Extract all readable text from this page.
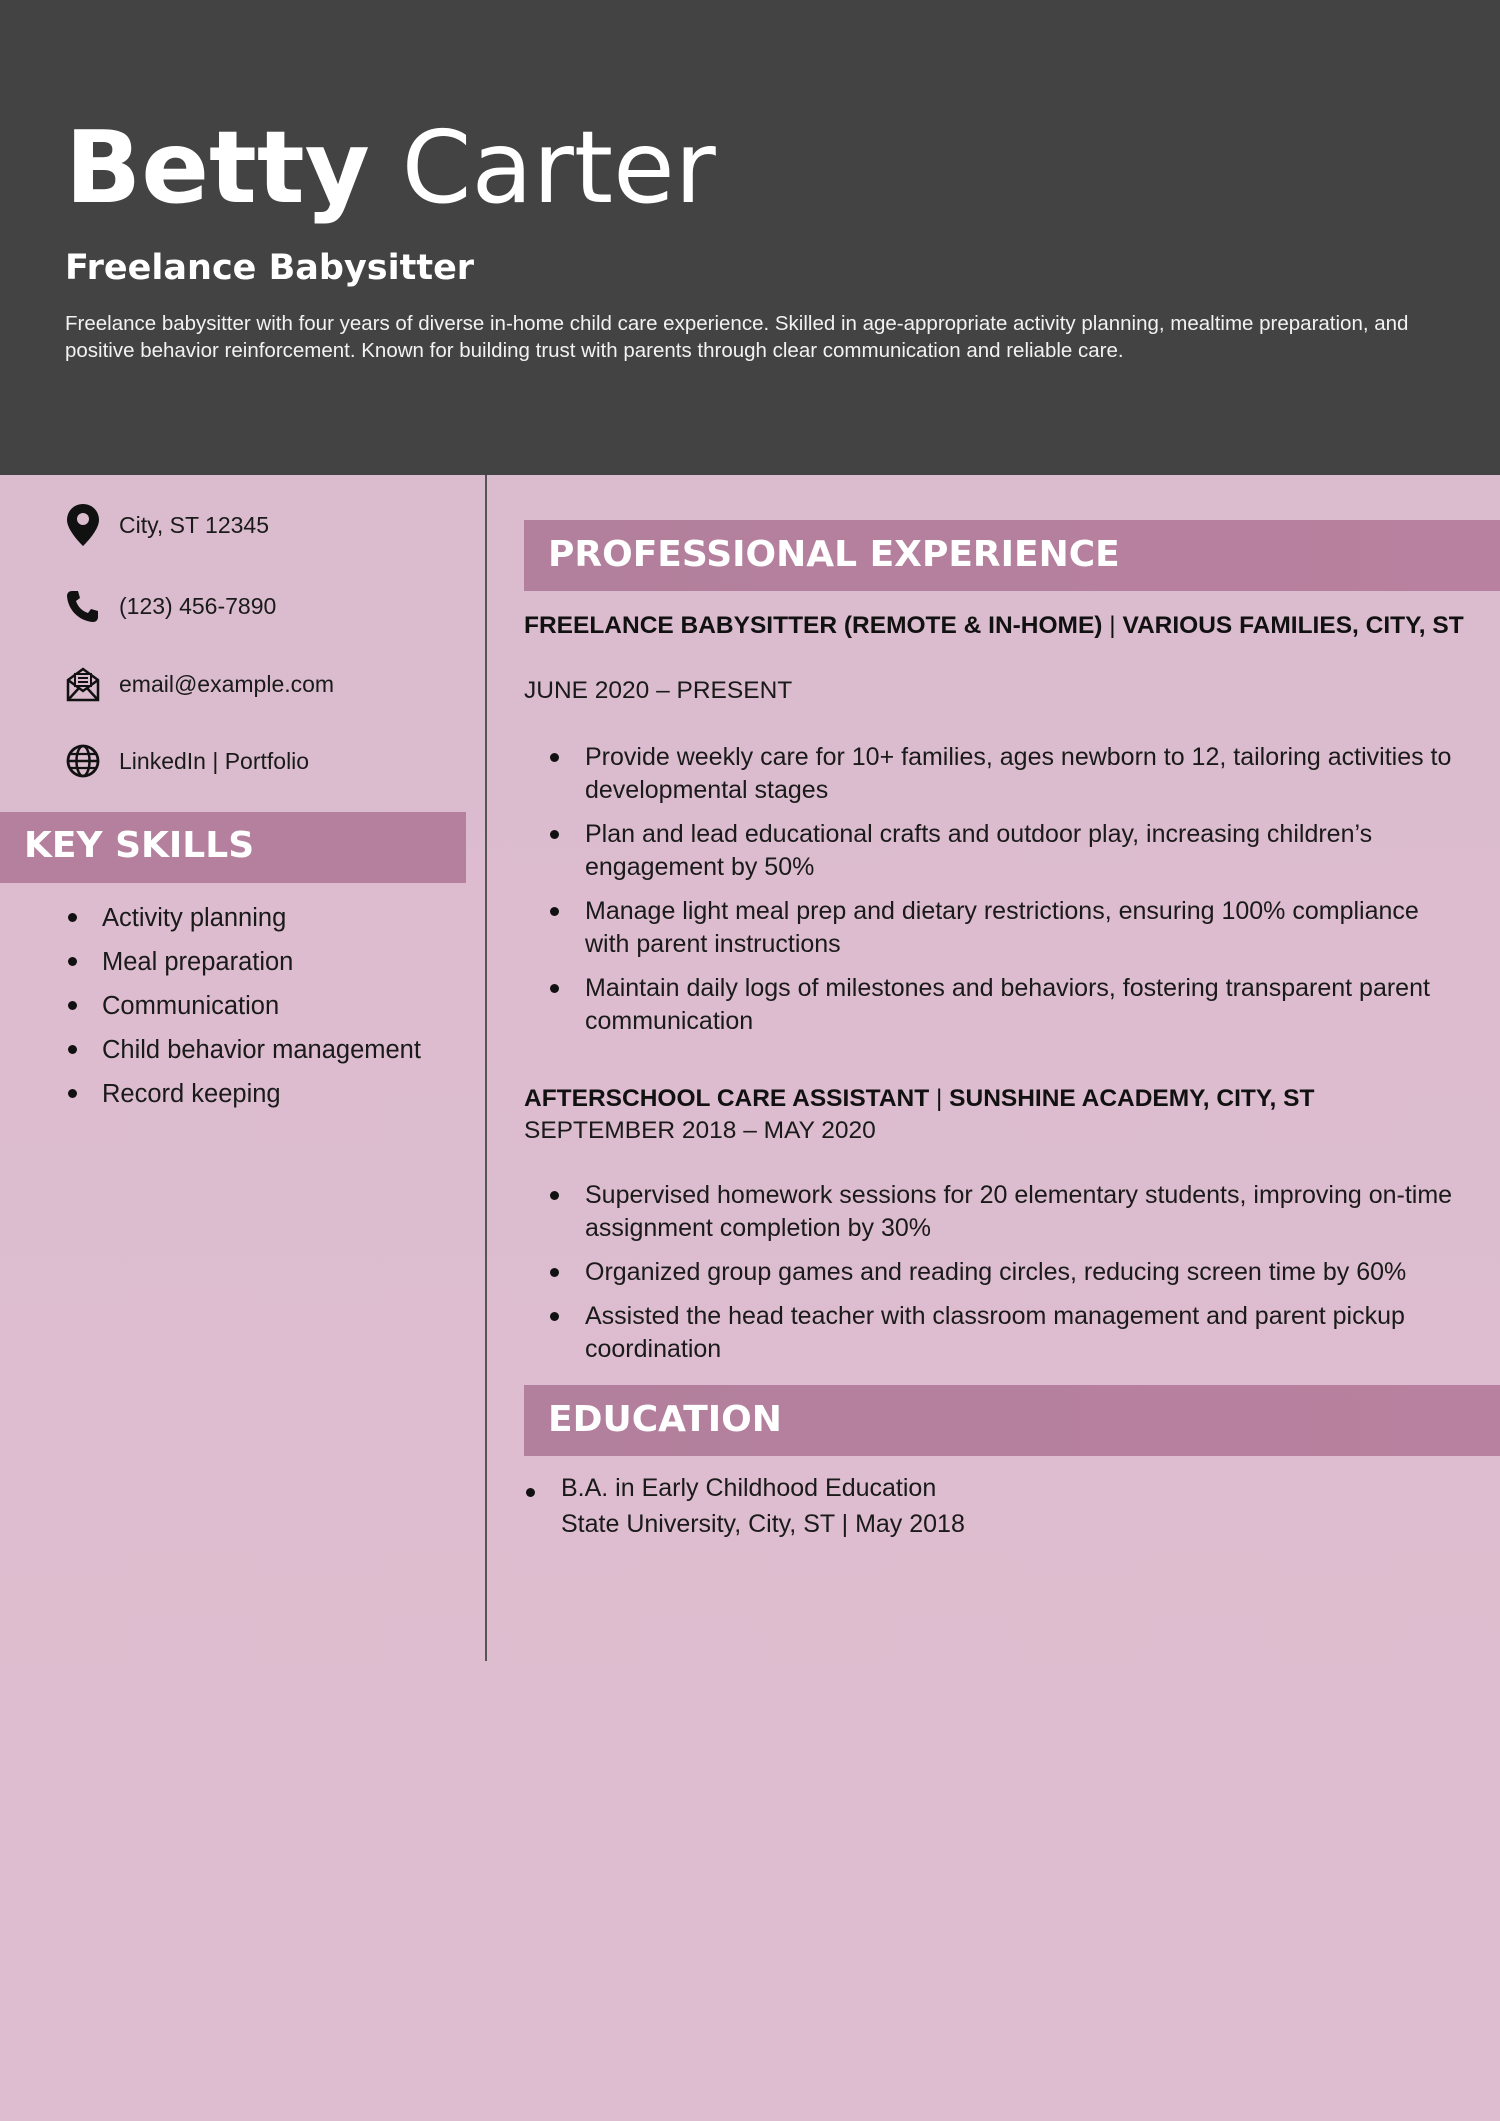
Betty Carter
Freelance Babysitter
Freelance babysitter with four years of diverse in-home child care experience. Skilled in age-appropriate activity planning, mealtime preparation, and positive behavior reinforcement. Known for building trust with parents through clear communication and reliable care.
City, ST 12345
(123) 456-7890
email@example.com
LinkedIn | Portfolio
KEY SKILLS
Activity planning
Meal preparation
Communication
Child behavior management
Record keeping
PROFESSIONAL EXPERIENCE
FREELANCE BABYSITTER (REMOTE & IN-HOME) | VARIOUS FAMILIES, CITY, ST
JUNE 2020 – PRESENT
Provide weekly care for 10+ families, ages newborn to 12, tailoring activities to developmental stages
Plan and lead educational crafts and outdoor play, increasing children’s engagement by 50%
Manage light meal prep and dietary restrictions, ensuring 100% compliance with parent instructions
Maintain daily logs of milestones and behaviors, fostering transparent parent communication
AFTERSCHOOL CARE ASSISTANT | SUNSHINE ACADEMY, CITY, ST
SEPTEMBER 2018 – MAY 2020
Supervised homework sessions for 20 elementary students, improving on-time assignment completion by 30%
Organized group games and reading circles, reducing screen time by 60%
Assisted the head teacher with classroom management and parent pickup coordination
EDUCATION
B.A. in Early Childhood Education
State University, City, ST | May 2018
